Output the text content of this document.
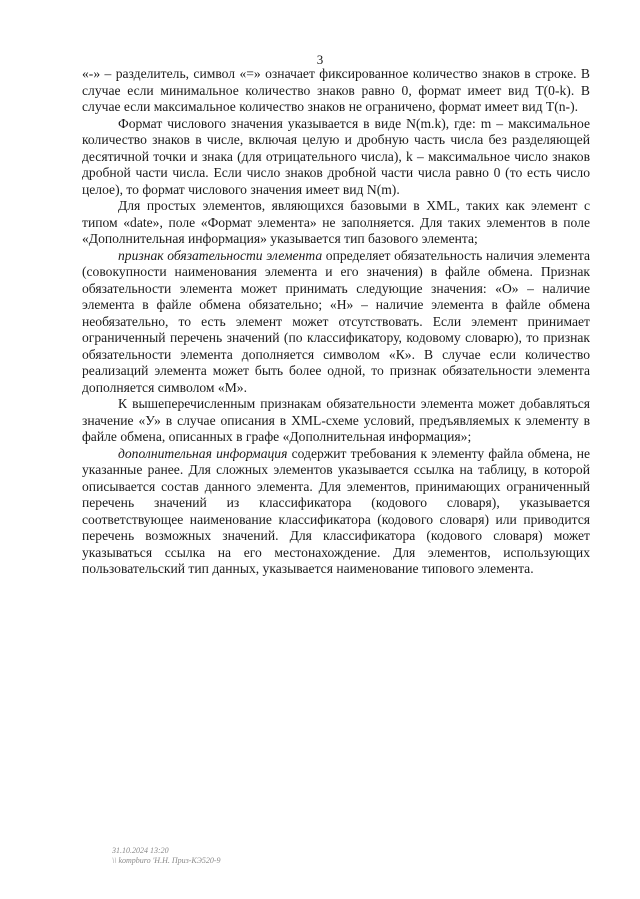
3

«-» – разделитель, символ «=» означает фиксированное количество знаков в строке. В случае если минимальное количество знаков равно 0, формат имеет вид T(0-k). В случае если максимальное количество знаков не ограничено, формат имеет вид T(n-).

Формат числового значения указывается в виде N(m.k), где: m – максимальное количество знаков в числе, включая целую и дробную часть числа без разделяющей десятичной точки и знака (для отрицательного числа), k – максимальное число знаков дробной части числа. Если число знаков дробной части числа равно 0 (то есть число целое), то формат числового значения имеет вид N(m).

Для простых элементов, являющихся базовыми в XML, таких как элемент с типом «date», поле «Формат элемента» не заполняется. Для таких элементов в поле «Дополнительная информация» указывается тип базового элемента;

признак обязательности элемента определяет обязательность наличия элемента (совокупности наименования элемента и его значения) в файле обмена. Признак обязательности элемента может принимать следующие значения: «О» – наличие элемента в файле обмена обязательно; «Н» – наличие элемента в файле обмена необязательно, то есть элемент может отсутствовать. Если элемент принимает ограниченный перечень значений (по классификатору, кодовому словарю), то признак обязательности элемента дополняется символом «К». В случае если количество реализаций элемента может быть более одной, то признак обязательности элемента дополняется символом «М».

К вышеперечисленным признакам обязательности элемента может добавляться значение «У» в случае описания в XML-схеме условий, предъявляемых к элементу в файле обмена, описанных в графе «Дополнительная информация»;

дополнительная информация содержит требования к элементу файла обмена, не указанные ранее. Для сложных элементов указывается ссылка на таблицу, в которой описывается состав данного элемента. Для элементов, принимающих ограниченный перечень значений из классификатора (кодового словаря), указывается соответствующее наименование классификатора (кодового словаря) или приводится перечень возможных значений. Для классификатора (кодового словаря) может указываться ссылка на его местонахождение. Для элементов, использующих пользовательский тип данных, указывается наименование типового элемента.

31.10.2024 13:20
\\ kompburo 'Н.Н. Приз-КЭ520-9
